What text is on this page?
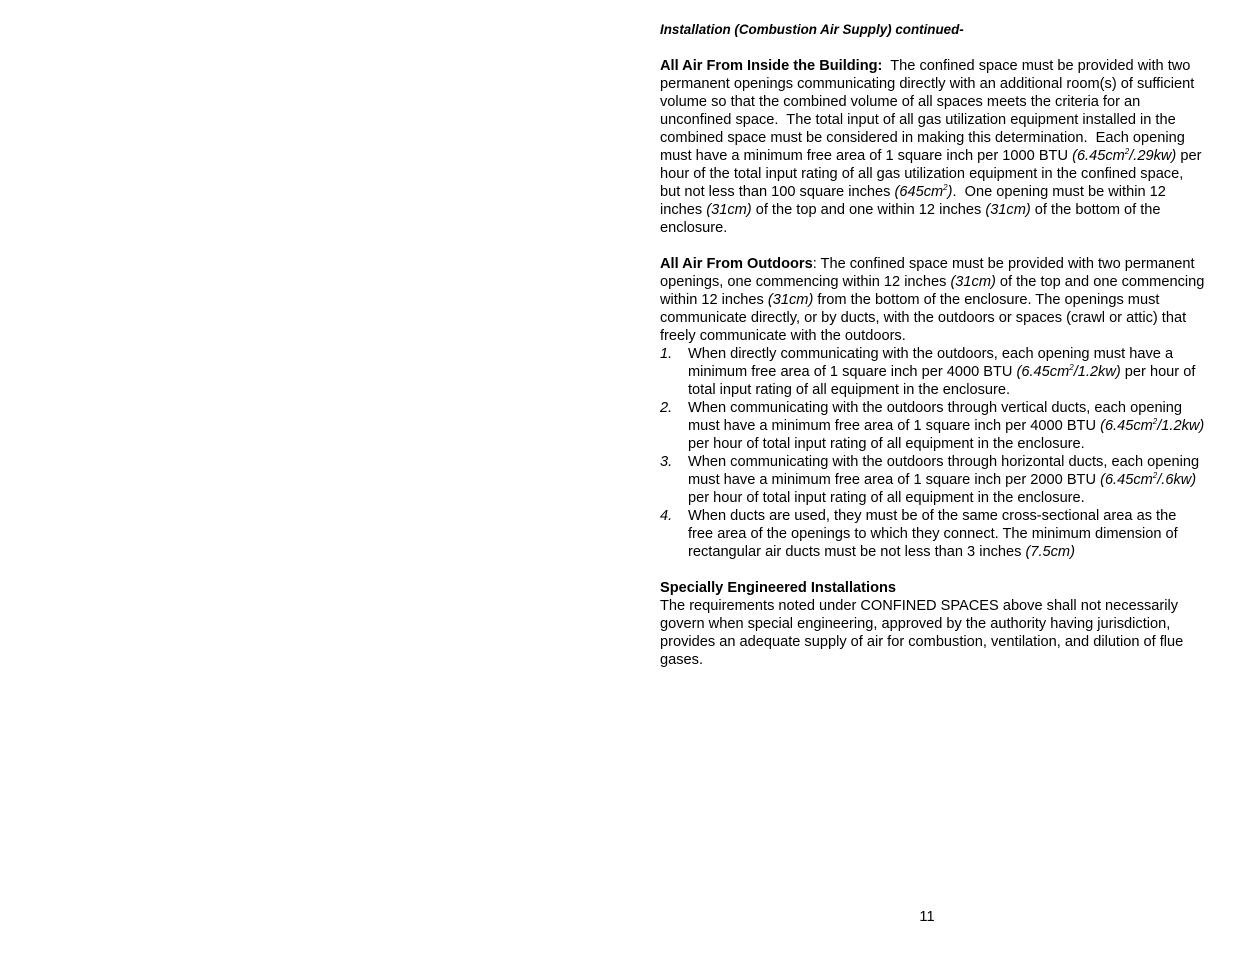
Installation (Combustion Air Supply) continued-

All Air From Inside the Building:  The confined space must be provided with two permanent openings communicating directly with an additional room(s) of sufficient volume so that the combined volume of all spaces meets the criteria for an unconfined space.  The total input of all gas utilization equipment installed in the combined space must be considered in making this determination.  Each opening must have a minimum free area of 1 square inch per 1000 BTU $(6.45cm^2/.29kw)$ per hour of the total input rating of all gas utilization equipment in the confined space, but not less than 100 square inches $(645cm^2)$.  One opening must be within 12 inches (31cm) of the top and one within 12 inches (31cm) of the bottom of the enclosure.

All Air From Outdoors: The confined space must be provided with two permanent openings, one commencing within 12 inches (31cm) of the top and one commencing within 12 inches (31cm) from the bottom of the enclosure. The openings must communicate directly, or by ducts, with the outdoors or spaces (crawl or attic) that freely communicate with the outdoors.

1.	When directly communicating with the outdoors, each opening must have a minimum free area of 1 square inch per 4000 BTU $(6.45cm^2/1.2kw)$ per hour of total input rating of all equipment in the enclosure.
2.	When communicating with the outdoors through vertical ducts, each opening must have a minimum free area of 1 square inch per 4000 BTU $(6.45cm^2/1.2kw)$ per hour of total input rating of all equipment in the enclosure.
3.	When communicating with the outdoors through horizontal ducts, each opening must have a minimum free area of 1 square inch per 2000 BTU $(6.45cm^2/.6kw)$ per hour of total input rating of all equipment in the enclosure.
4.	When ducts are used, they must be of the same cross-sectional area as the free area of the openings to which they connect. The minimum dimension of rectangular air ducts must be not less than 3 inches (7.5cm)

Specially Engineered Installations

The requirements noted under CONFINED SPACES above shall not necessarily govern when special engineering, approved by the authority having jurisdiction, provides an adequate supply of air for combustion, ventilation, and dilution of flue gases.

11
